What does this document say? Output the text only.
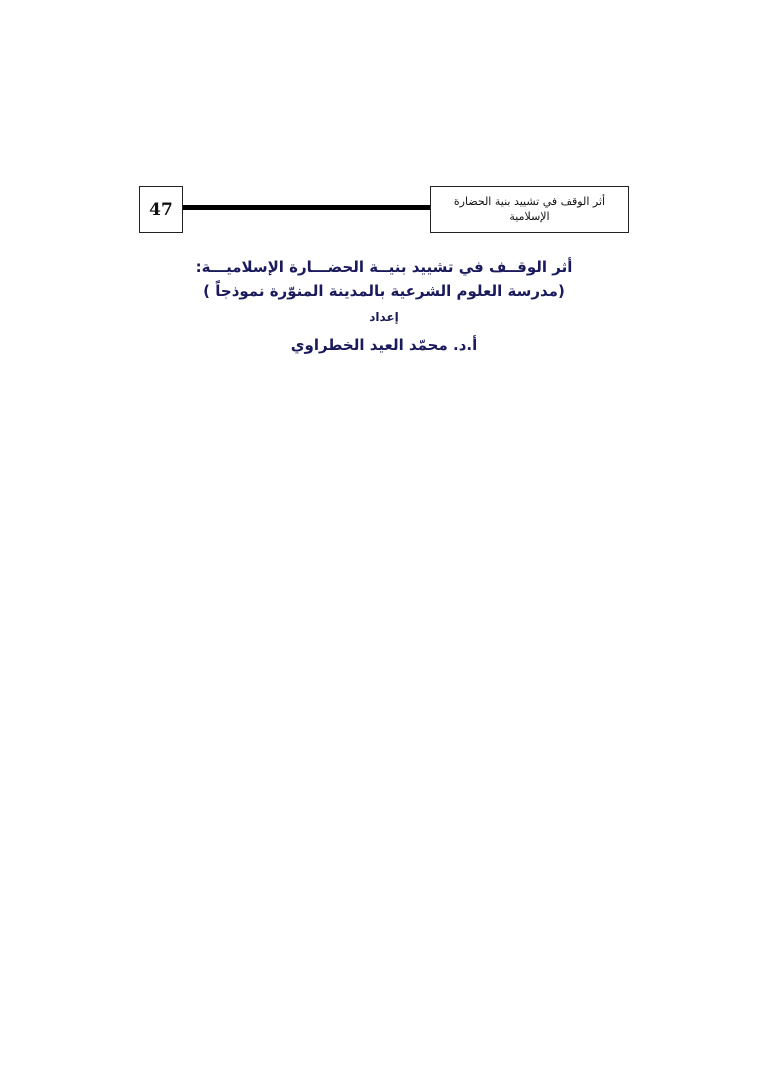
47	أثر الوقف في تشييد بنية الحضارة الإسلامية
أثر الوقــف في تشييد بنيــة الحضـــارة الإسلاميـــة:
(مدرسة العلوم الشرعية بالمدينة المنوّرة نموذجاً )
إعداد
أ.د. محمّد العيد الخطراوي
